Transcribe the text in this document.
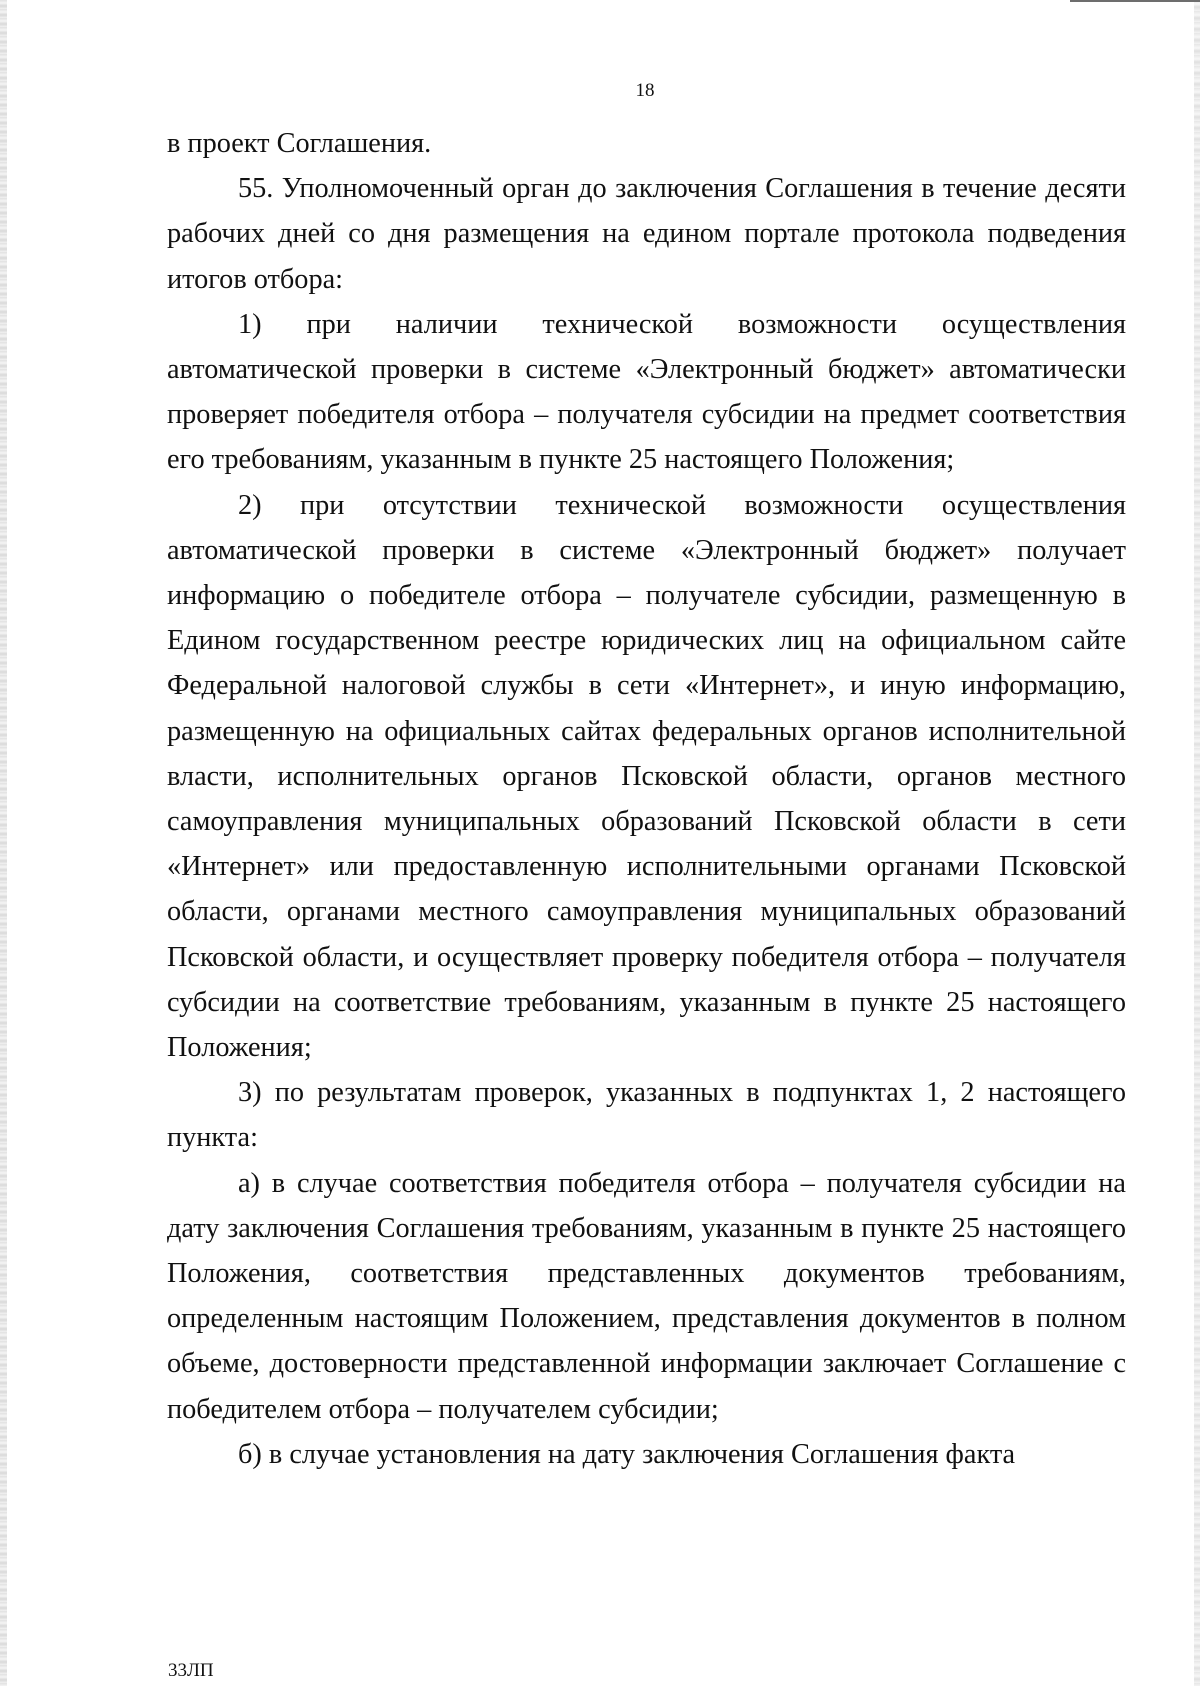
18

в проект Соглашения.

55. Уполномоченный орган до заключения Соглашения в течение десяти рабочих дней со дня размещения на едином портале протокола подведения итогов отбора:

1) при наличии технической возможности осуществления автоматической проверки в системе «Электронный бюджет» автоматически проверяет победителя отбора – получателя субсидии на предмет соответствия его требованиям, указанным в пункте 25 настоящего Положения;

2) при отсутствии технической возможности осуществления автоматической проверки в системе «Электронный бюджет» получает информацию о победителе отбора – получателе субсидии, размещенную в Едином государственном реестре юридических лиц на официальном сайте Федеральной налоговой службы в сети «Интернет», и иную информацию, размещенную на официальных сайтах федеральных органов исполнительной власти, исполнительных органов Псковской области, органов местного самоуправления муниципальных образований Псковской области в сети «Интернет» или предоставленную исполнительными органами Псковской области, органами местного самоуправления муниципальных образований Псковской области, и осуществляет проверку победителя отбора – получателя субсидии на соответствие требованиям, указанным в пункте 25 настоящего Положения;

3) по результатам проверок, указанных в подпунктах 1, 2 настоящего пункта:

а) в случае соответствия победителя отбора – получателя субсидии на дату заключения Соглашения требованиям, указанным в пункте 25 настоящего Положения, соответствия представленных документов требованиям, определенным настоящим Положением, представления документов в полном объеме, достоверности представленной информации заключает Соглашение с победителем отбора – получателем субсидии;

б) в случае установления на дату заключения Соглашения факта

33ЛП
